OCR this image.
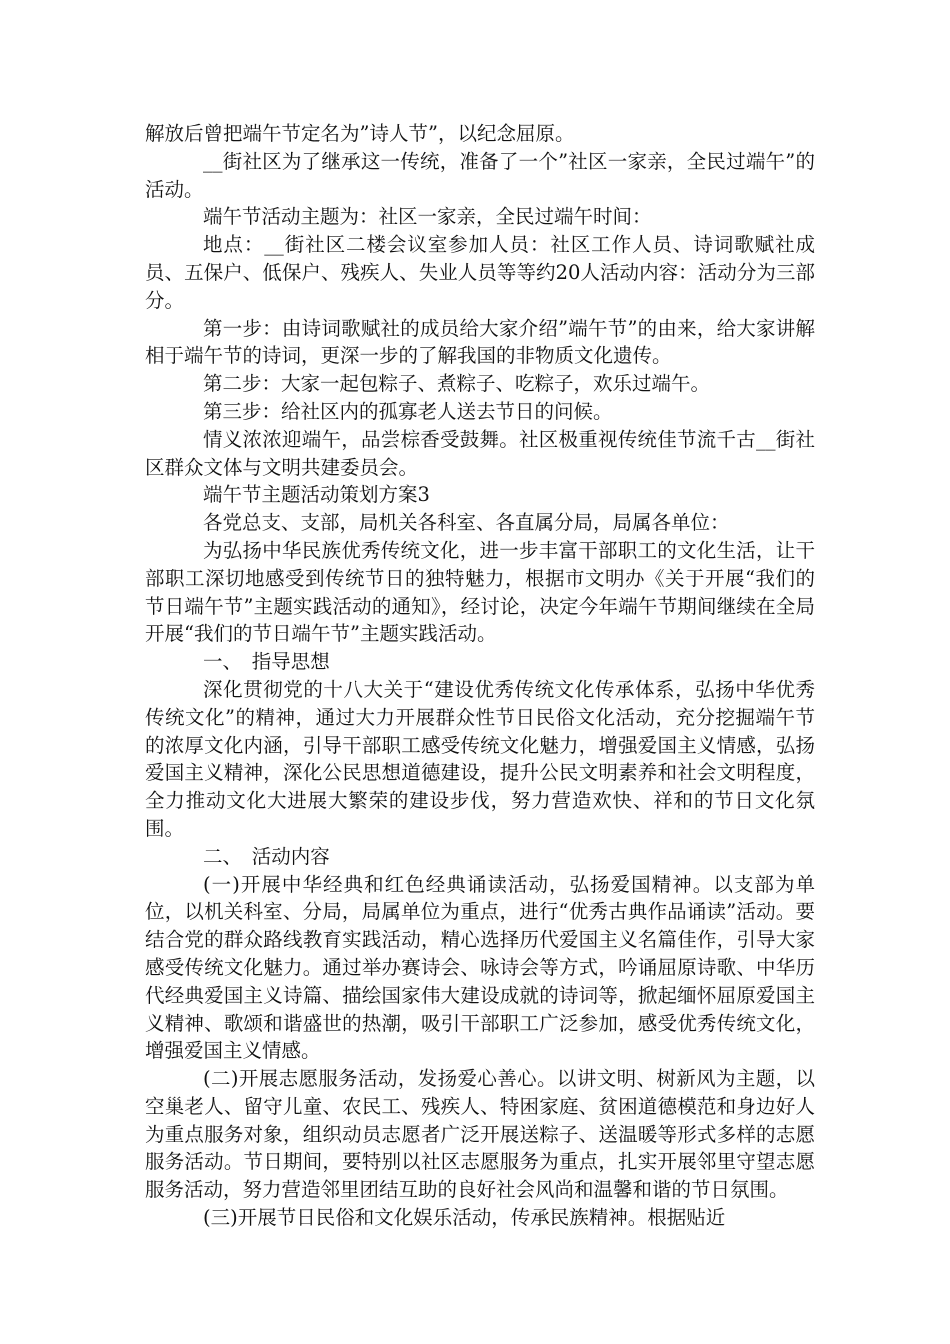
解放后曾把端午节定名为”诗人节”，以纪念屈原。

__街社区为了继承这一传统，准备了一个”社区一家亲，全民过端午”的活动。

端午节活动主题为：社区一家亲，全民过端午时间：

地点：__街社区二楼会议室参加人员：社区工作人员、诗词歌赋社成员、五保户、低保户、残疾人、失业人员等等约20人活动内容：活动分为三部分。

第一步：由诗词歌赋社的成员给大家介绍”端午节”的由来，给大家讲解相于端午节的诗词，更深一步的了解我国的非物质文化遗传。

第二步：大家一起包粽子、煮粽子、吃粽子，欢乐过端午。

第三步：给社区内的孤寡老人送去节日的问候。

情义浓浓迎端午，品尝棕香受鼓舞。社区极重视传统佳节流千古__街社区群众文体与文明共建委员会。

端午节主题活动策划方案3

各党总支、支部，局机关各科室、各直属分局，局属各单位：

为弘扬中华民族优秀传统文化，进一步丰富干部职工的文化生活，让干部职工深切地感受到传统节日的独特魅力，根据市文明办《关于开展“我们的节日端午节”主题实践活动的通知》，经讨论，决定今年端午节期间继续在全局开展“我们的节日端午节”主题实践活动。

一、　指导思想

深化贯彻党的十八大关于“建设优秀传统文化传承体系，弘扬中华优秀传统文化”的精神，通过大力开展群众性节日民俗文化活动，充分挖掘端午节的浓厚文化内涵，引导干部职工感受传统文化魅力，增强爱国主义情感，弘扬爱国主义精神，深化公民思想道德建设，提升公民文明素养和社会文明程度，全力推动文化大进展大繁荣的建设步伐，努力营造欢快、祥和的节日文化氛围。

二、　活动内容

(一)开展中华经典和红色经典诵读活动，弘扬爱国精神。以支部为单位，以机关科室、分局，局属单位为重点，进行“优秀古典作品诵读”活动。要结合党的群众路线教育实践活动，精心选择历代爱国主义名篇佳作，引导大家感受传统文化魅力。通过举办赛诗会、咏诗会等方式，吟诵屈原诗歌、中华历代经典爱国主义诗篇、描绘国家伟大建设成就的诗词等，掀起缅怀屈原爱国主义精神、歌颂和谐盛世的热潮，吸引干部职工广泛参加，感受优秀传统文化，增强爱国主义情感。

(二)开展志愿服务活动，发扬爱心善心。以讲文明、树新风为主题，以空巢老人、留守儿童、农民工、残疾人、特困家庭、贫困道德模范和身边好人为重点服务对象，组织动员志愿者广泛开展送粽子、送温暖等形式多样的志愿服务活动。节日期间，要特别以社区志愿服务为重点，扎实开展邻里守望志愿服务活动，努力营造邻里团结互助的良好社会风尚和温馨和谐的节日氛围。

(三)开展节日民俗和文化娱乐活动，传承民族精神。根据贴近
